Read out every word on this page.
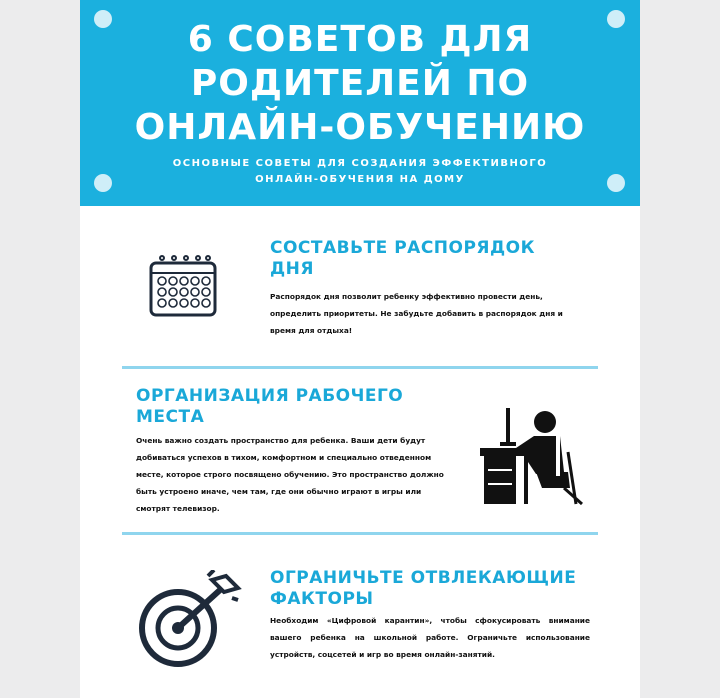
6 СОВЕТОВ ДЛЯ
РОДИТЕЛЕЙ ПО
ОНЛАЙН-ОБУЧЕНИЮ
ОСНОВНЫЕ СОВЕТЫ ДЛЯ СОЗДАНИЯ ЭФФЕКТИВНОГО
ОНЛАЙН-ОБУЧЕНИЯ НА ДОМУ
СОСТАВЬТЕ РАСПОРЯДОК
ДНЯ
Распорядок дня позволит ребенку эффективно провести день, определить приоритеты. Не забудьте добавить в распорядок дня и время для отдыха!
ОРГАНИЗАЦИЯ РАБОЧЕГО
МЕСТА
Очень важно создать пространство для ребенка. Ваши дети будут добиваться успехов в тихом, комфортном и специально отведенном месте, которое строго посвящено обучению. Это пространство должно быть устроено иначе, чем там, где они обычно играют в игры или смотрят телевизор.
ОГРАНИЧЬТЕ ОТВЛЕКАЮЩИЕ
ФАКТОРЫ
Необходим «Цифровой карантин», чтобы сфокусировать внимание вашего ребенка на школьной работе. Ограничьте использование устройств, соцсетей и игр во время онлайн-занятий.
